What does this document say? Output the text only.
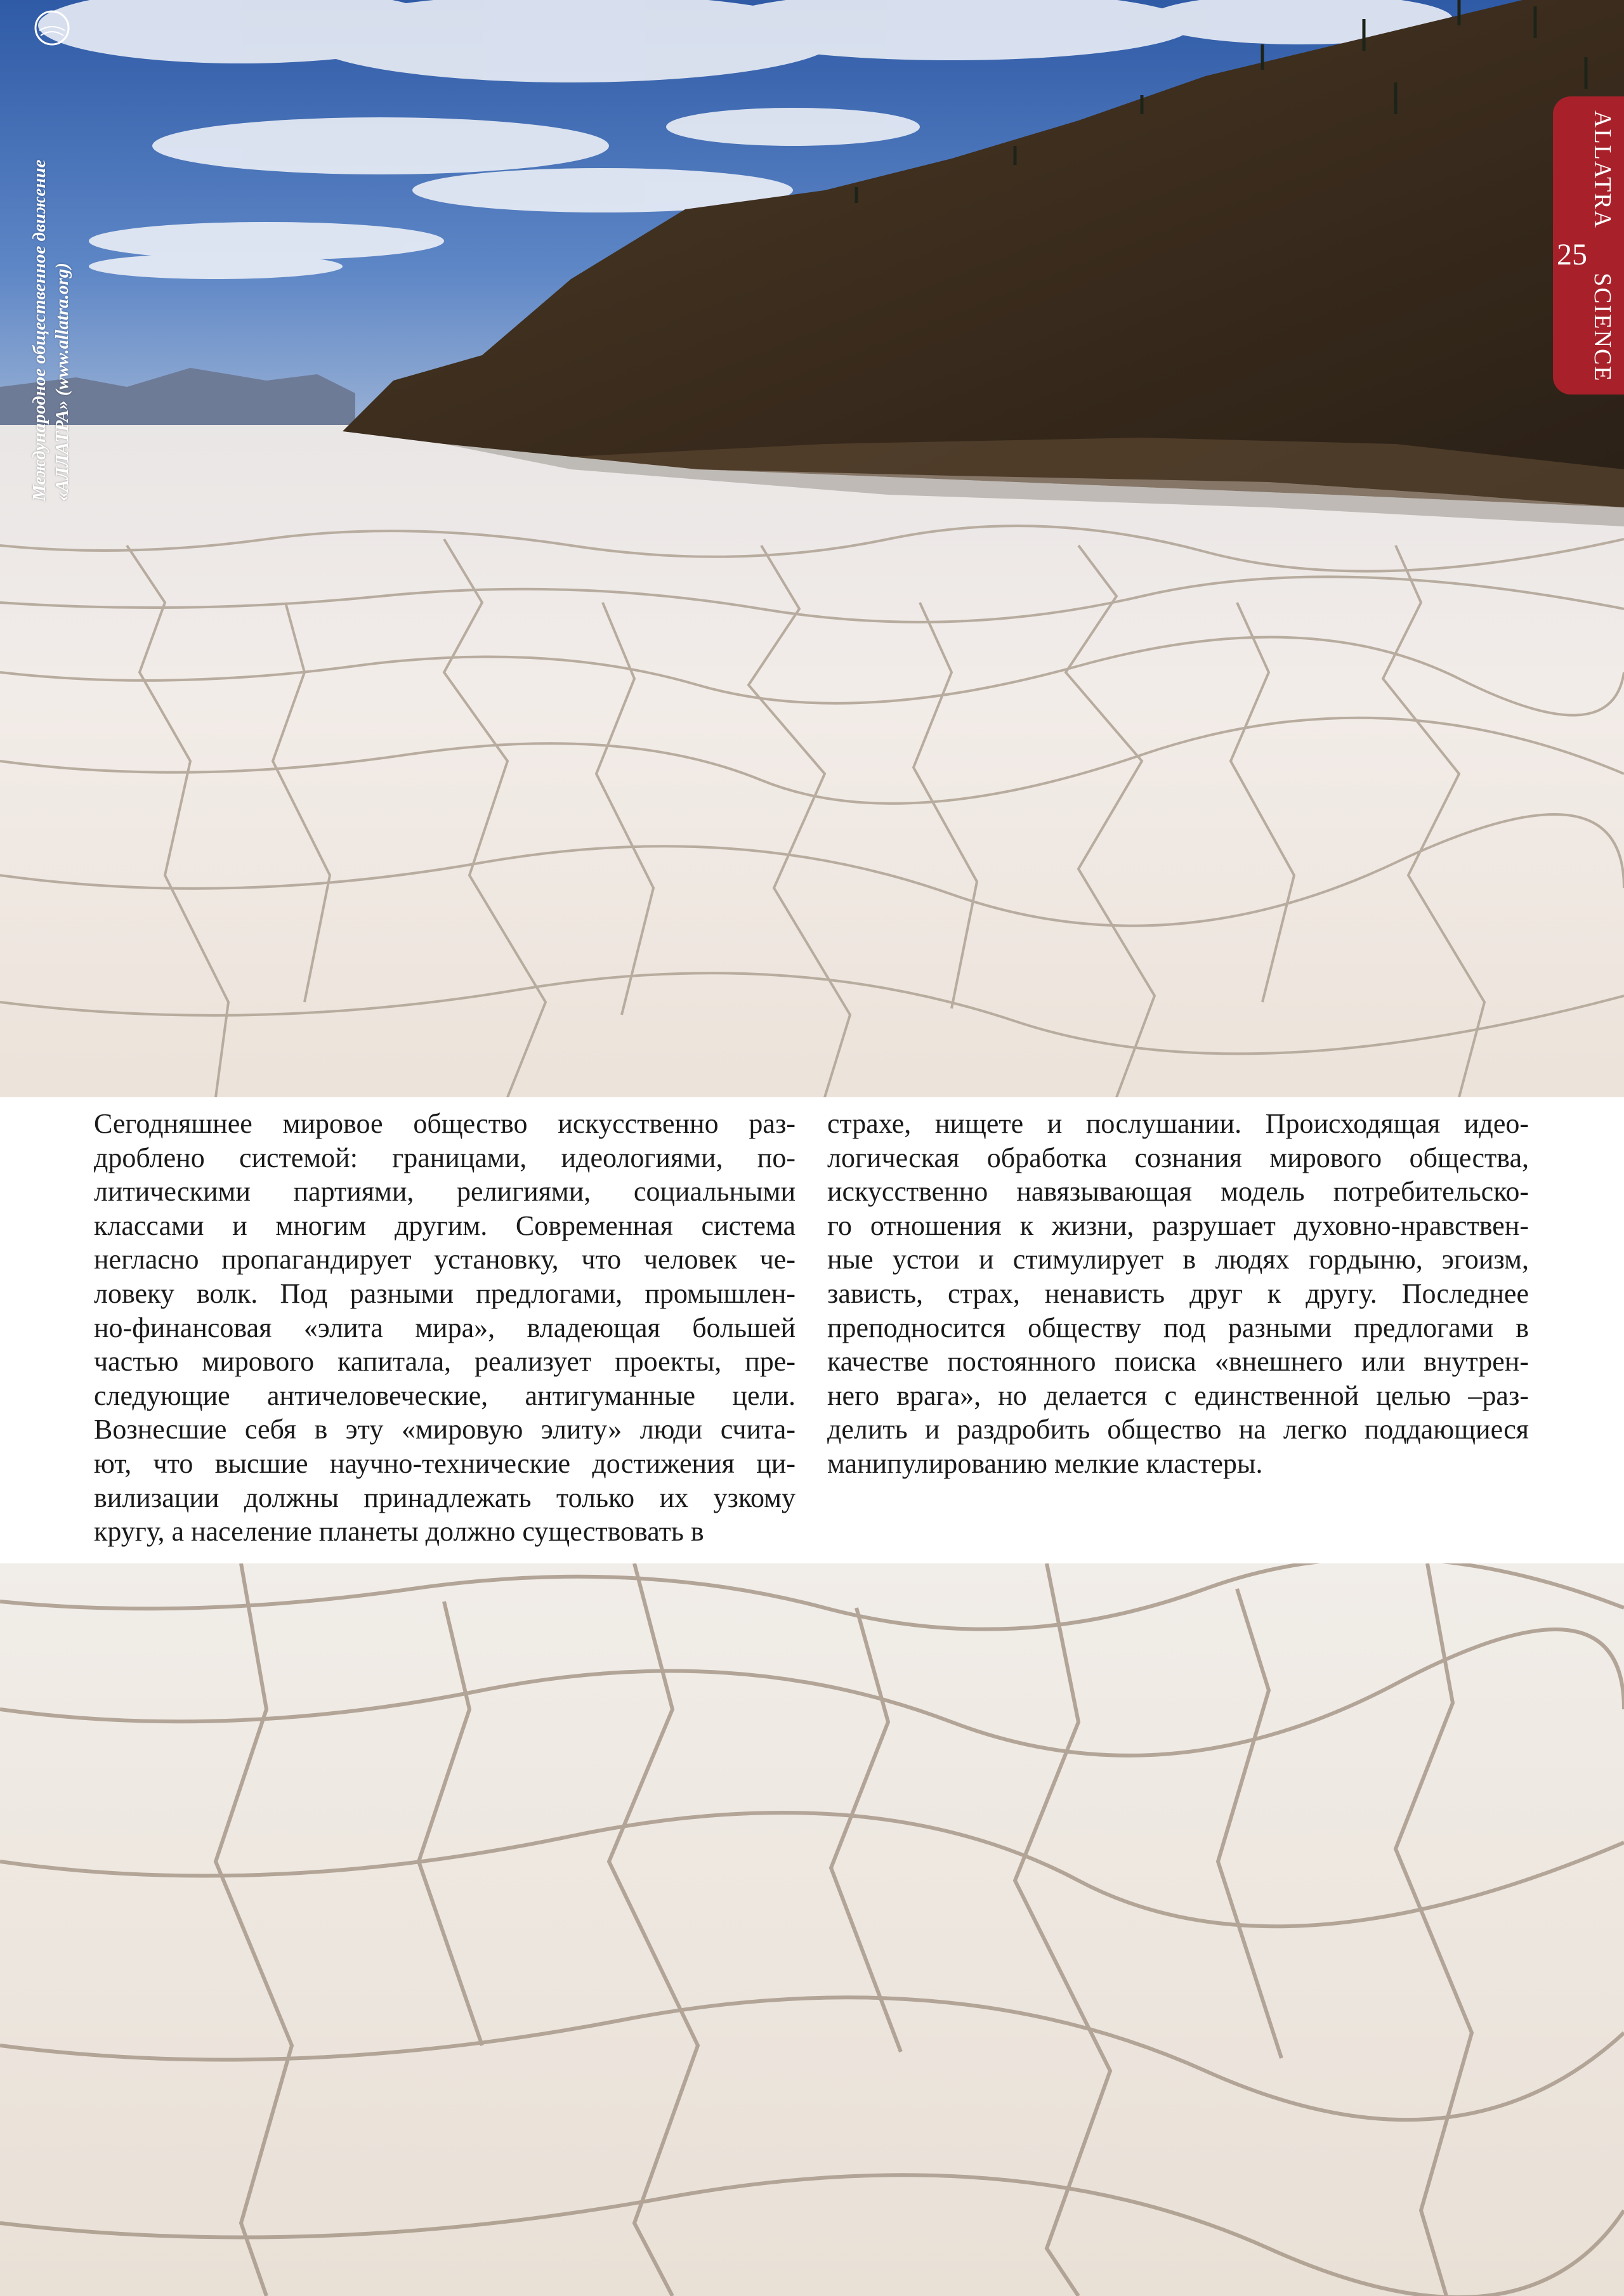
Международное общественное движение «АЛЛАТРА» (www.allatra.org)
ALLATRA      SCIENCE
25
Сегодняшнее мировое общество искусственно раз-
дроблено системой: границами, идеологиями, по-
литическими партиями, религиями, социальными
классами и многим другим. Современная система
негласно пропагандирует установку, что человек че-
ловеку волк. Под разными предлогами, промышлен-
но-финансовая «элита мира», владеющая большей
частью мирового капитала, реализует проекты, пре-
следующие античеловеческие, антигуманные цели.
Вознесшие себя в эту «мировую элиту» люди счита-
ют, что высшие научно-технические достижения ци-
вилизации должны принадлежать только их узкому
кругу, а население планеты должно существовать в
страхе, нищете и послушании. Происходящая идео-
логическая обработка сознания мирового общества,
искусственно навязывающая модель потребительско-
го отношения к жизни, разрушает духовно-нравствен-
ные устои и стимулирует в людях гордыню, эгоизм,
зависть, страх, ненависть друг к другу. Последнее
преподносится обществу под разными предлогами в
качестве постоянного поиска «внешнего или внутрен-
него врага», но делается с единственной целью –раз-
делить и раздробить общество на легко поддающиеся
манипулированию мелкие кластеры.
